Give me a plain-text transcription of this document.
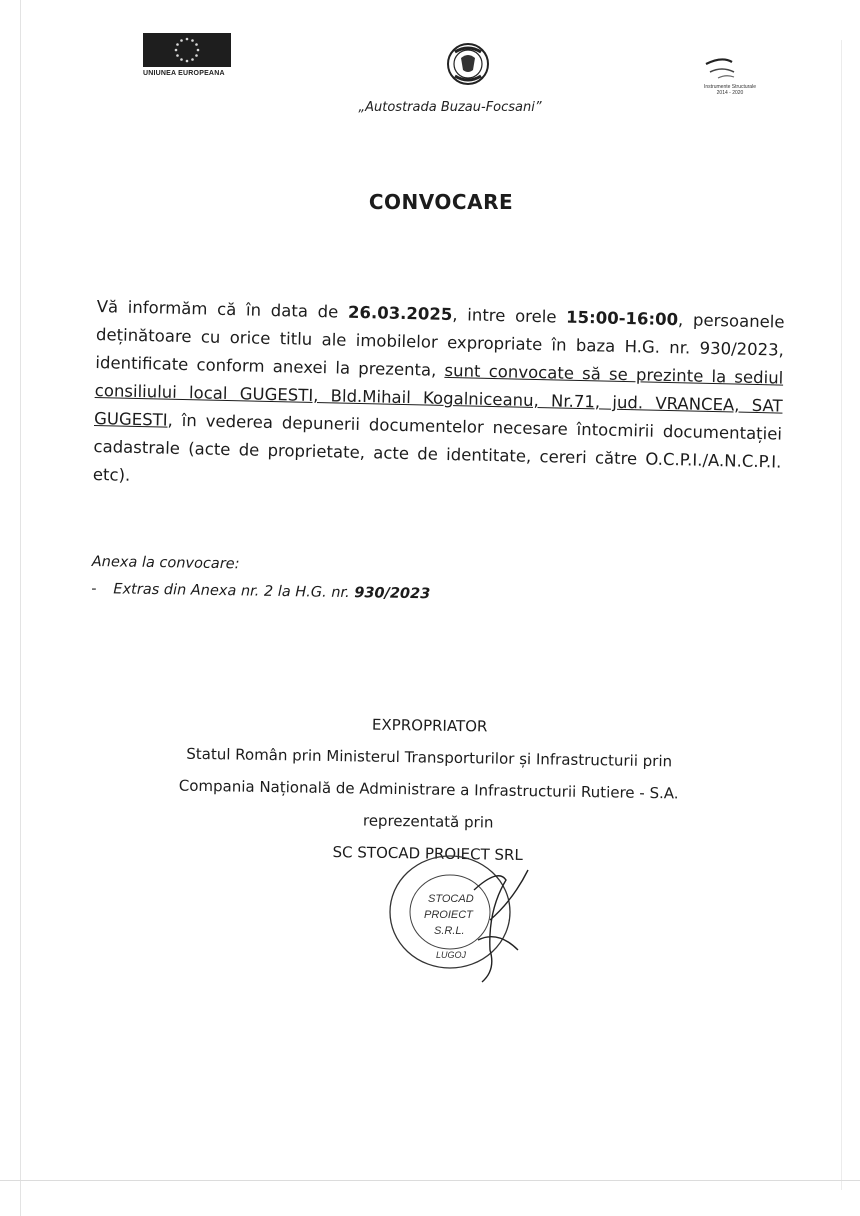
UNIUNEA EUROPEANA
Instrumente Structurale
2014 - 2020
„Autostrada Buzau-Focsani”
CONVOCARE
Vă informăm că în data de 26.03.2025, intre orele 15:00-16:00, persoanele deținătoare cu orice titlu ale imobilelor expropriate în baza H.G. nr. 930/2023, identificate conform anexei la prezenta, sunt convocate să se prezinte la sediul consiliului local GUGESTI, Bld.Mihail Kogalniceanu, Nr.71, jud. VRANCEA, SAT GUGESTI, în vederea depunerii documentelor necesare întocmirii documentației cadastrale (acte de proprietate, acte de identitate, cereri către O.C.P.I./A.N.C.P.I. etc).
Anexa la convocare:
- Extras din Anexa nr. 2 la H.G. nr. 930/2023
EXPROPRIATOR
Statul Român prin Ministerul Transporturilor și Infrastructurii prin
Compania Națională de Administrare a Infrastructurii Rutiere - S.A.
reprezentată prin
SC STOCAD PROIECT SRL
STOCAD
PROIECT
S.R.L.
LUGOJ
